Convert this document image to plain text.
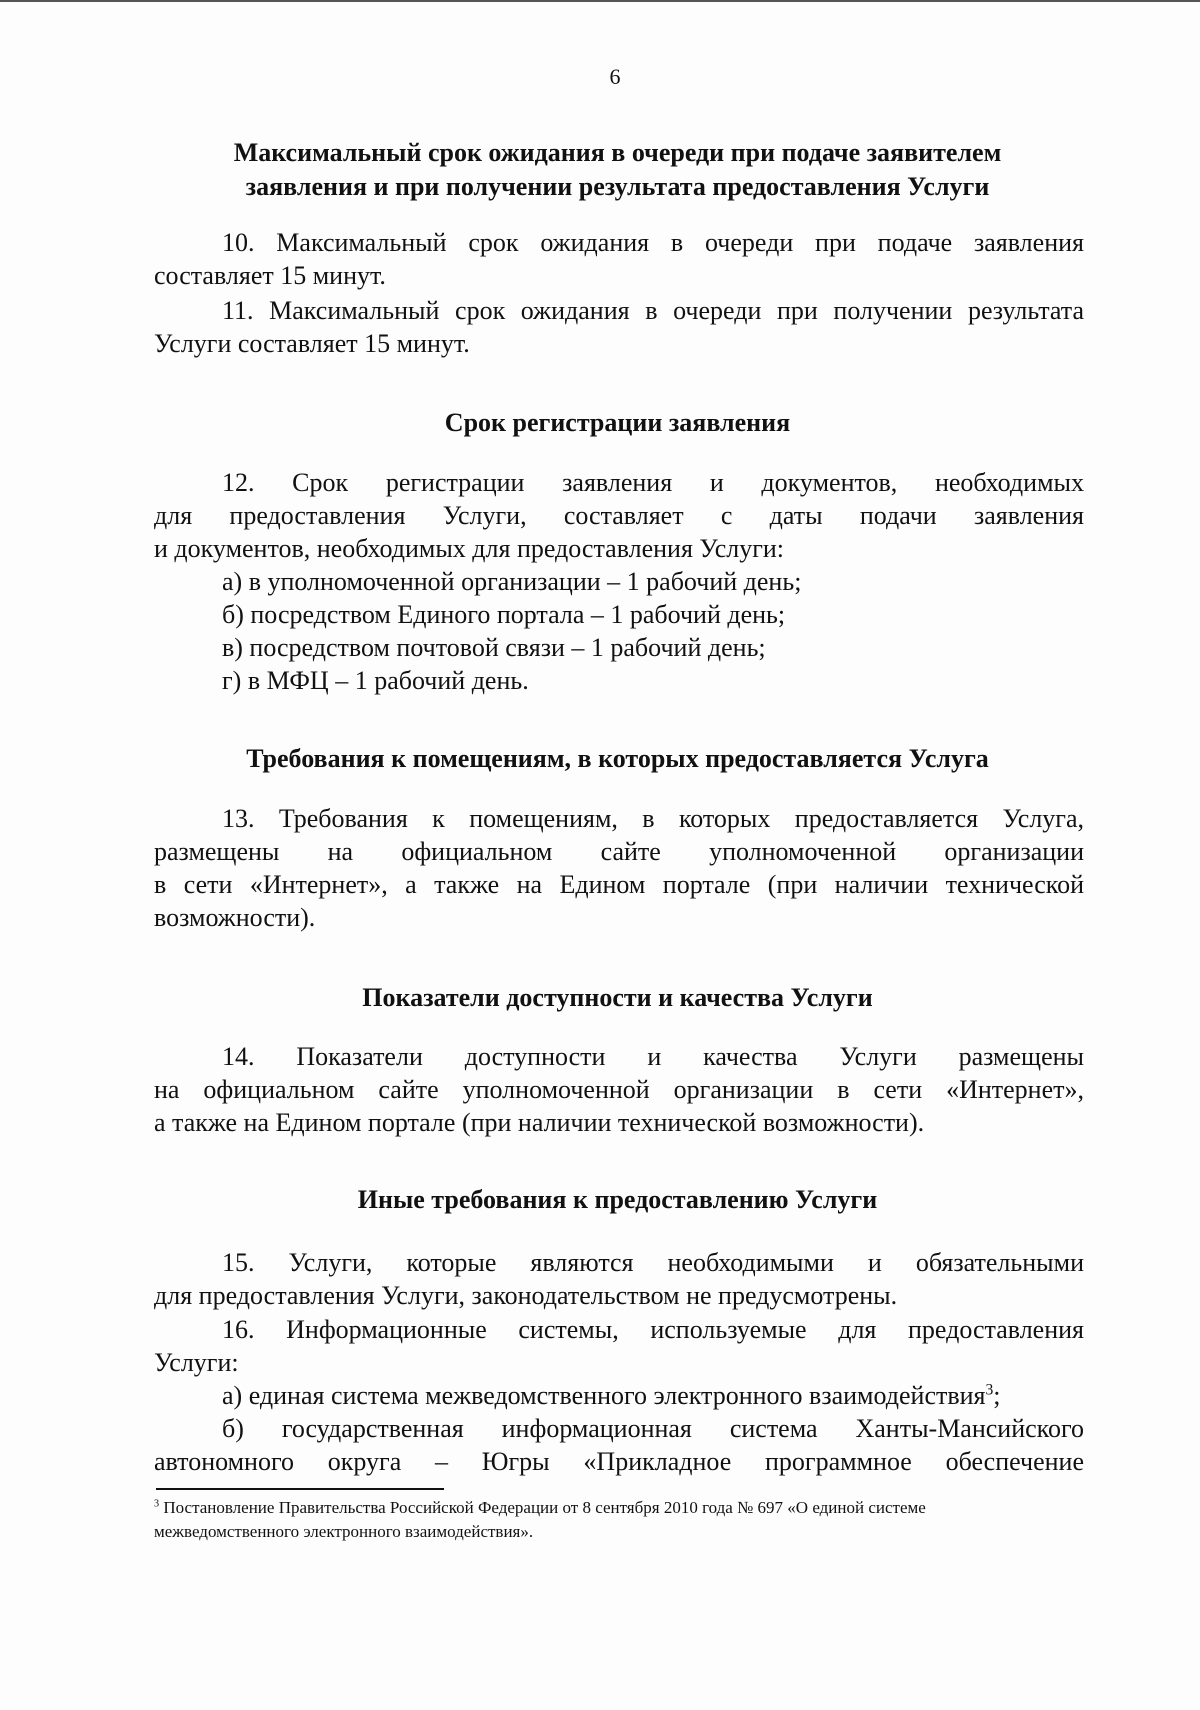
6
Максимальный срок ожидания в очереди при подаче заявителем
заявления и при получении результата предоставления Услуги
10. Максимальный срок ожидания в очереди при подаче заявления
составляет 15 минут.
11. Максимальный срок ожидания в очереди при получении результата
Услуги составляет 15 минут.
Срок регистрации заявления
12. Срок регистрации заявления и документов, необходимых
для предоставления Услуги, составляет с даты подачи заявления
и документов, необходимых для предоставления Услуги:
а) в уполномоченной организации – 1 рабочий день;
б) посредством Единого портала – 1 рабочий день;
в) посредством почтовой связи – 1 рабочий день;
г) в МФЦ – 1 рабочий день.
Требования к помещениям, в которых предоставляется Услуга
13. Требования к помещениям, в которых предоставляется Услуга,
размещены на официальном сайте уполномоченной организации
в сети «Интернет», а также на Едином портале (при наличии технической
возможности).
Показатели доступности и качества Услуги
14. Показатели доступности и качества Услуги размещены
на официальном сайте уполномоченной организации в сети «Интернет»,
а также на Едином портале (при наличии технической возможности).
Иные требования к предоставлению Услуги
15. Услуги, которые являются необходимыми и обязательными
для предоставления Услуги, законодательством не предусмотрены.
16. Информационные системы, используемые для предоставления
Услуги:
а) единая система межведомственного электронного взаимодействия$^3$;
б) государственная информационная система Ханты-Мансийского
автономного округа – Югры «Прикладное программное обеспечение
$^3$ Постановление Правительства Российской Федерации от 8 сентября 2010 года № 697 «О единой системе
межведомственного электронного взаимодействия».
